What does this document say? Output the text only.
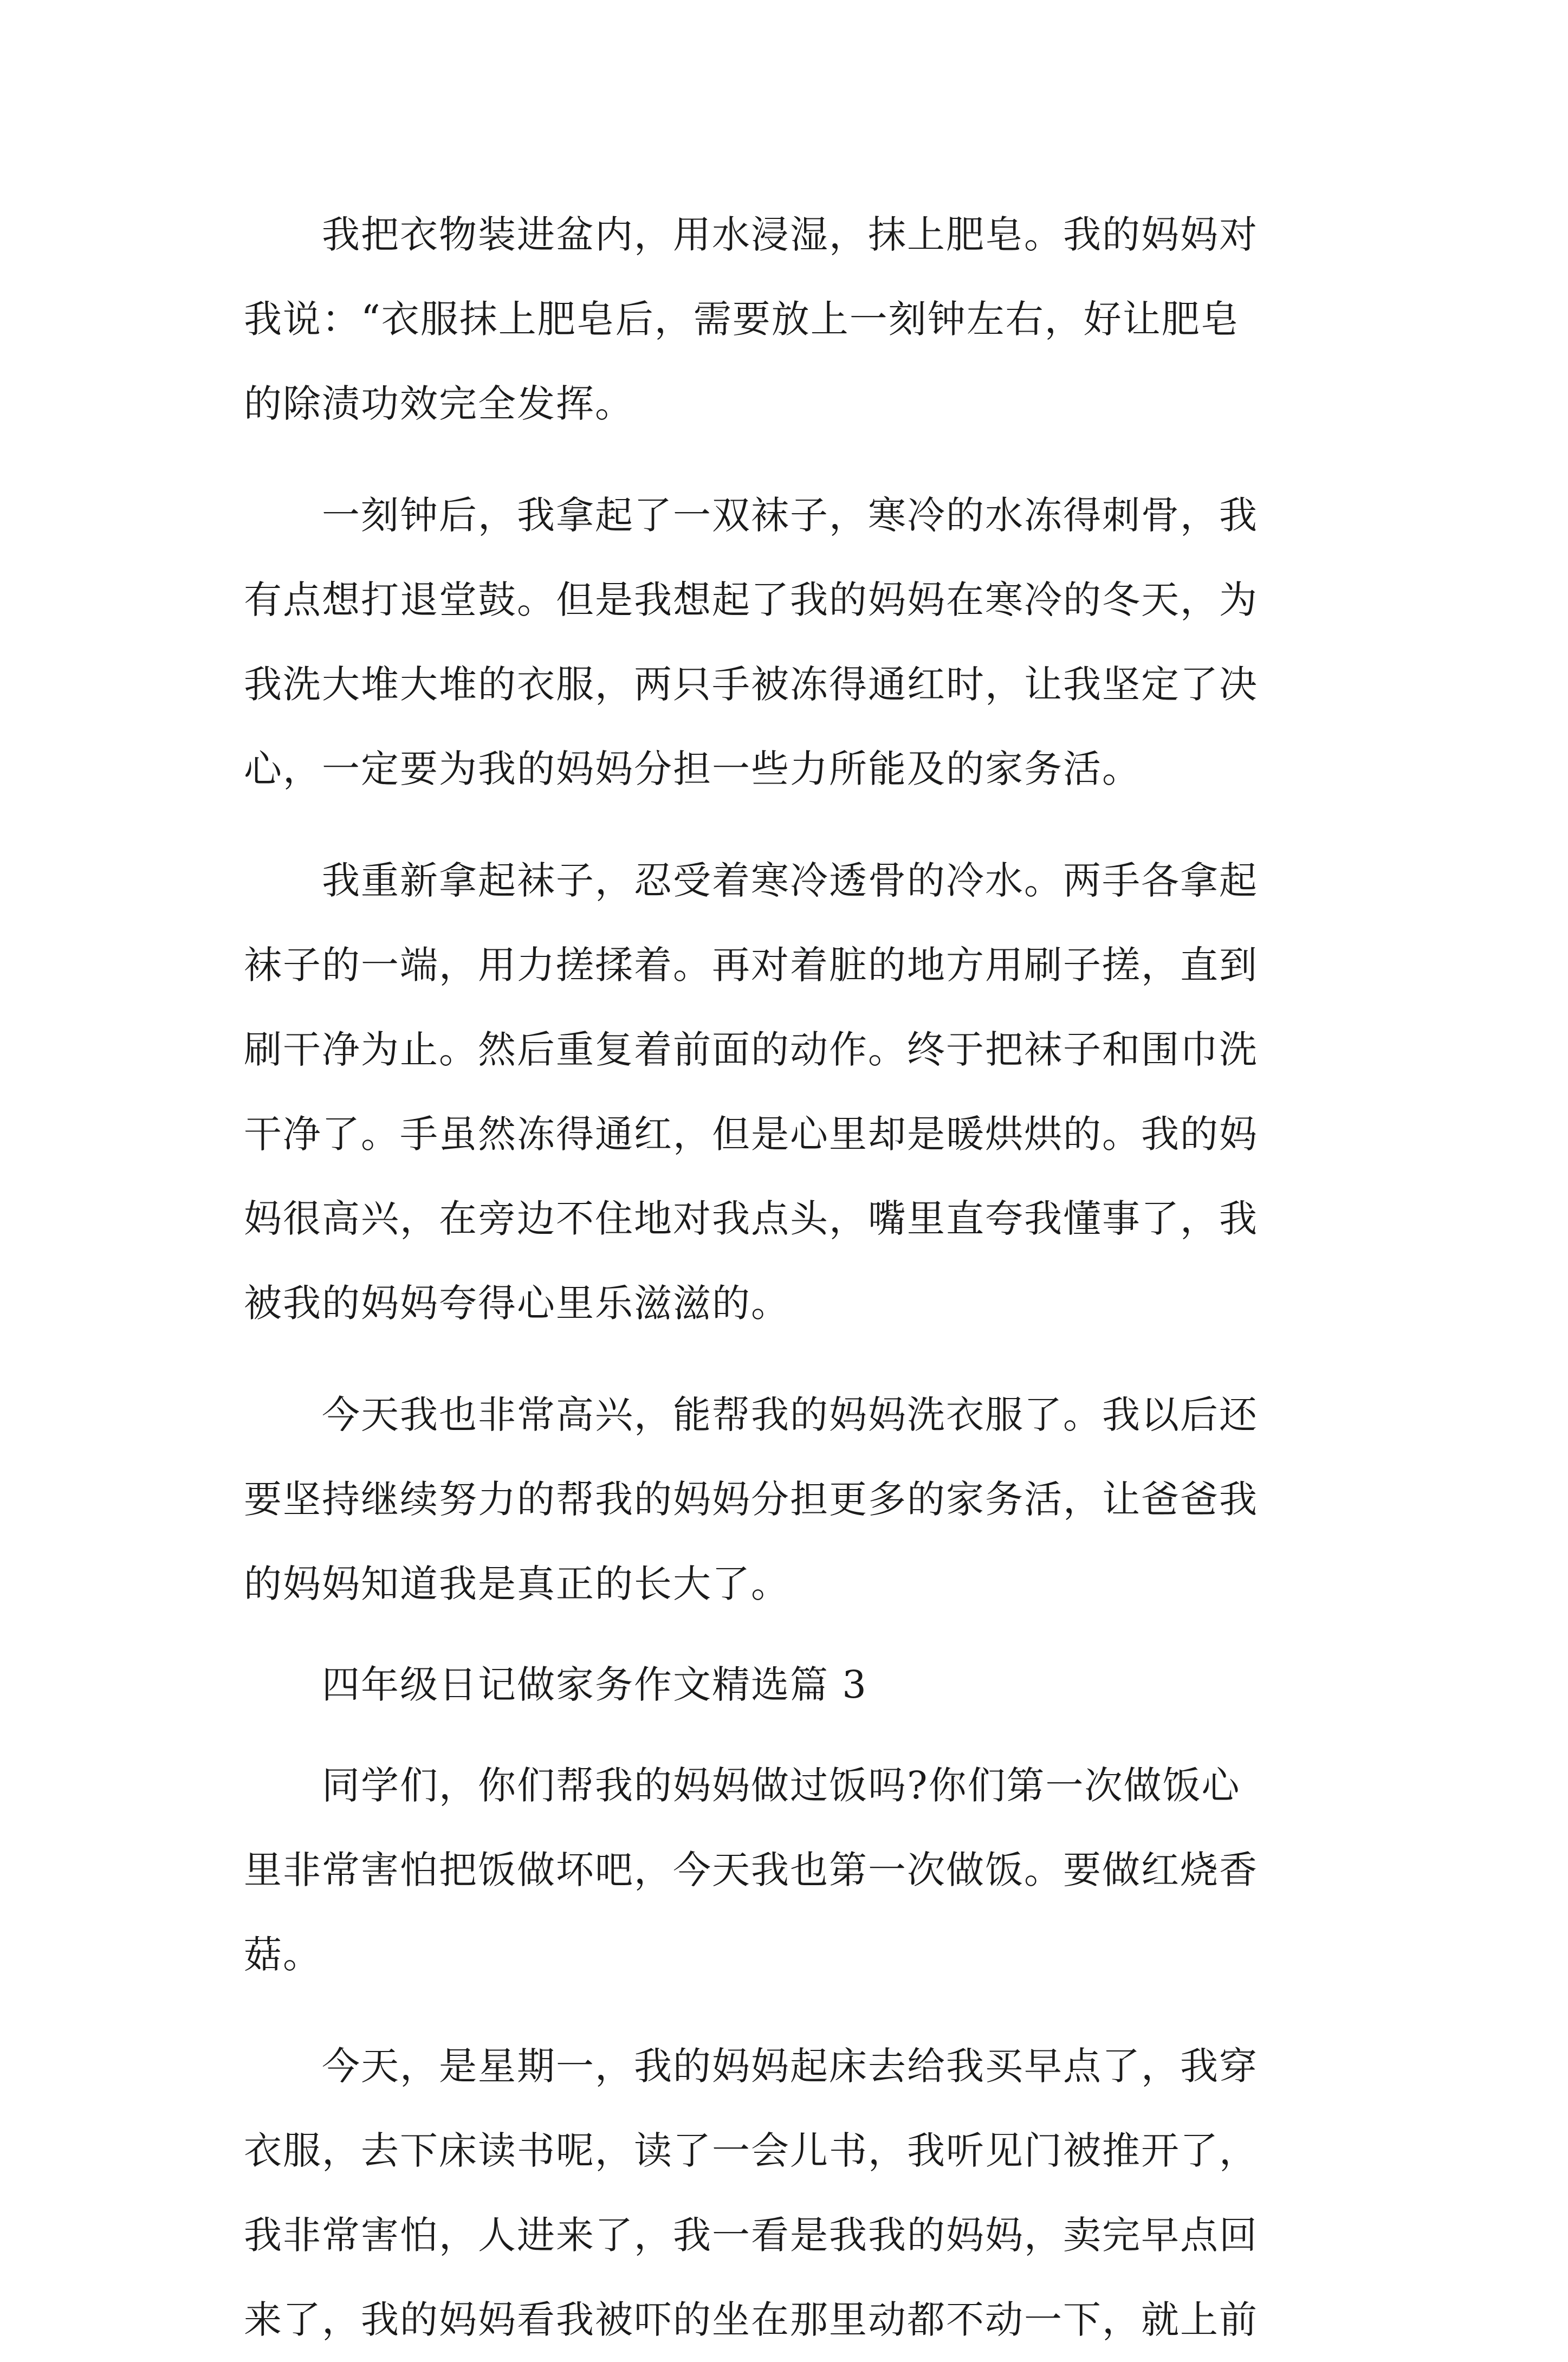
　　我把衣物装进盆内，用水浸湿，抹上肥皂。我的妈妈对
我说：“衣服抹上肥皂后，需要放上一刻钟左右，好让肥皂
的除渍功效完全发挥。
　　一刻钟后，我拿起了一双袜子，寒冷的水冻得刺骨，我
有点想打退堂鼓。但是我想起了我的妈妈在寒冷的冬天，为
我洗大堆大堆的衣服，两只手被冻得通红时，让我坚定了决
心，一定要为我的妈妈分担一些力所能及的家务活。
　　我重新拿起袜子，忍受着寒冷透骨的冷水。两手各拿起
袜子的一端，用力搓揉着。再对着脏的地方用刷子搓，直到
刷干净为止。然后重复着前面的动作。终于把袜子和围巾洗
干净了。手虽然冻得通红，但是心里却是暖烘烘的。我的妈
妈很高兴，在旁边不住地对我点头，嘴里直夸我懂事了，我
被我的妈妈夸得心里乐滋滋的。
　　今天我也非常高兴，能帮我的妈妈洗衣服了。我以后还
要坚持继续努力的帮我的妈妈分担更多的家务活，让爸爸我
的妈妈知道我是真正的长大了。
　　四年级日记做家务作文精选篇 3
　　同学们，你们帮我的妈妈做过饭吗?你们第一次做饭心
里非常害怕把饭做坏吧，今天我也第一次做饭。要做红烧香
菇。
　　今天，是星期一，我的妈妈起床去给我买早点了，我穿
衣服，去下床读书呢，读了一会儿书，我听见门被推开了，
我非常害怕，人进来了，我一看是我我的妈妈，卖完早点回
来了，我的妈妈看我被吓的坐在那里动都不动一下，就上前
